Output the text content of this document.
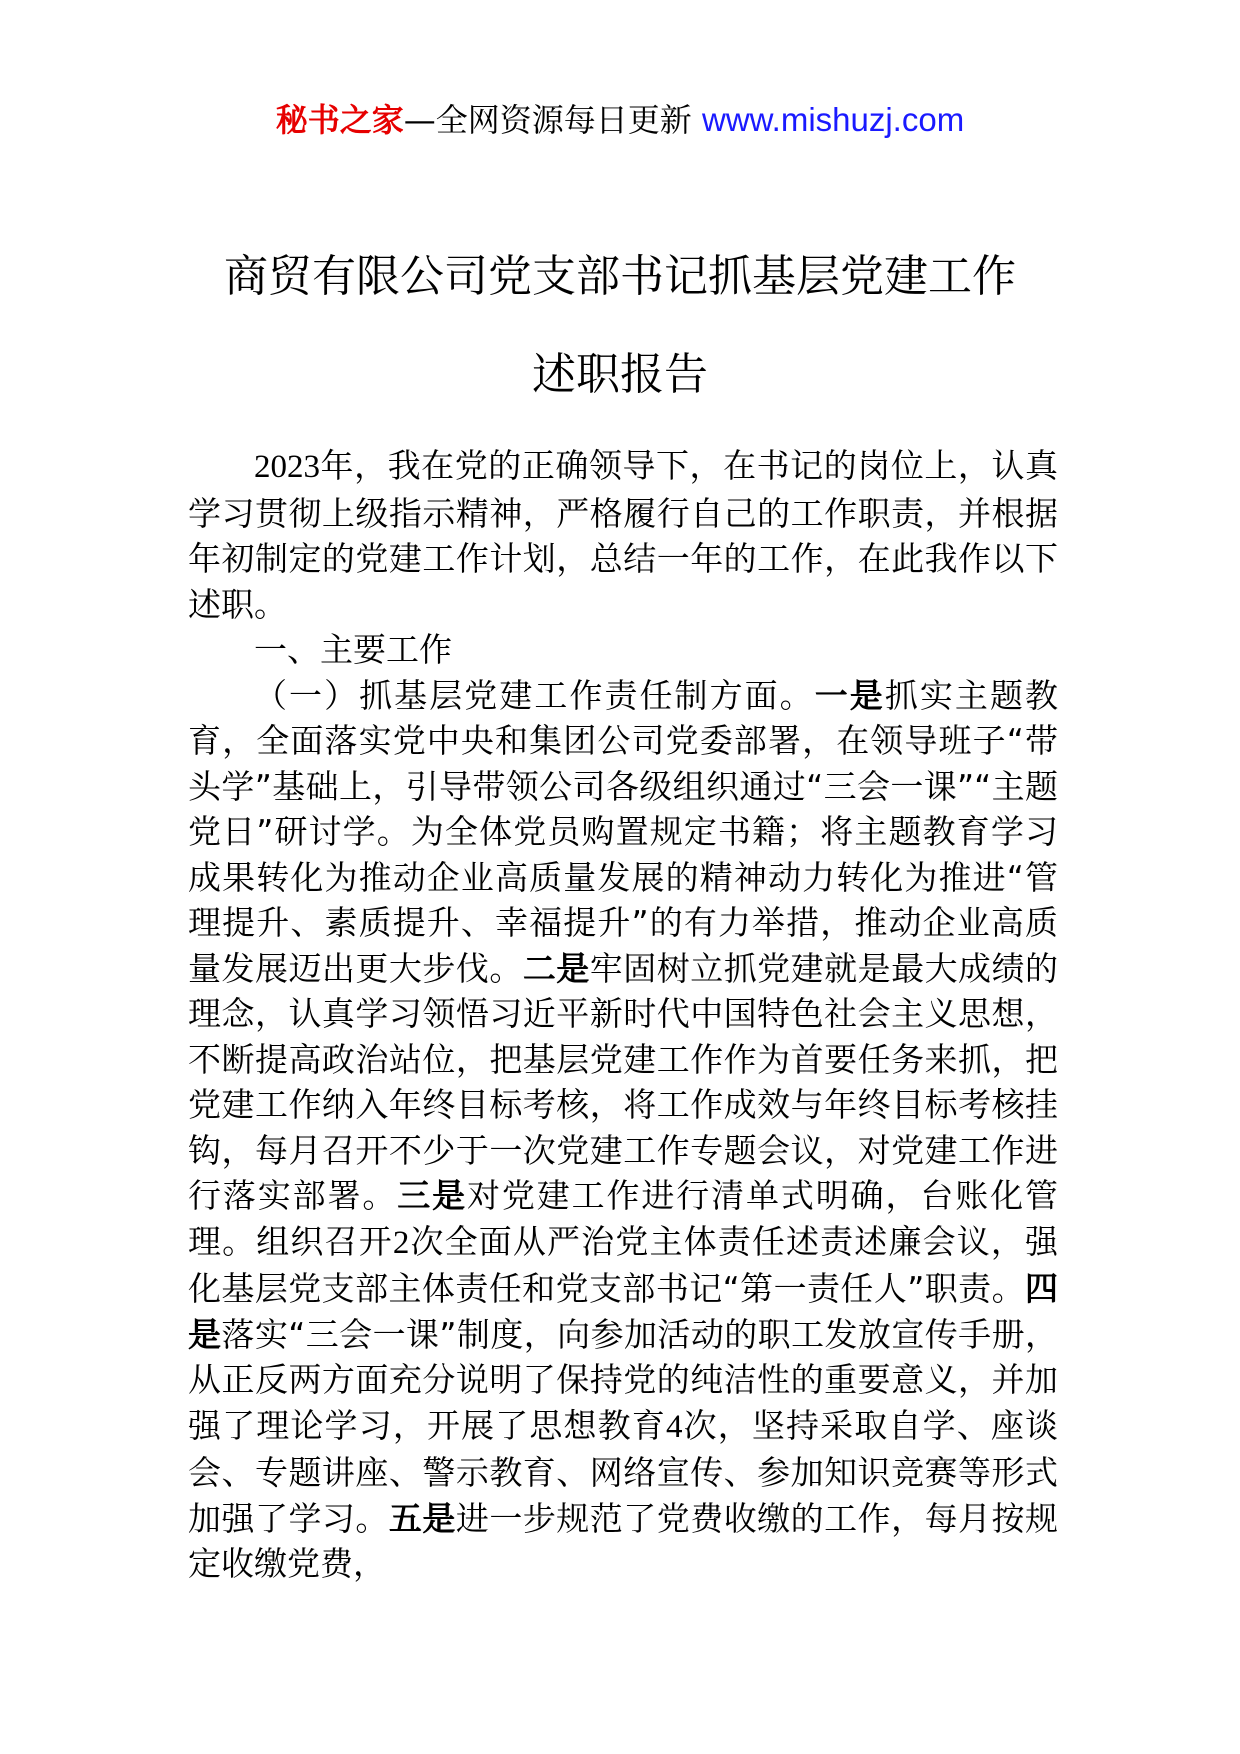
秘书之家—全网资源每日更新 www.mishuzj.com
商贸有限公司党支部书记抓基层党建工作
述职报告

2023年，我在党的正确领导下，在书记的岗位上，认真学习贯彻上级指示精神，严格履行自己的工作职责，并根据年初制定的党建工作计划，总结一年的工作，在此我作以下述职。

一、主要工作

（一）抓基层党建工作责任制方面。一是抓实主题教育，全面落实党中央和集团公司党委部署，在领导班子“带头学”基础上，引导带领公司各级组织通过“三会一课”“主题党日”研讨学。为全体党员购置规定书籍；将主题教育学习成果转化为推动企业高质量发展的精神动力转化为推进“管理提升、素质提升、幸福提升”的有力举措，推动企业高质量发展迈出更大步伐。二是牢固树立抓党建就是最大成绩的理念，认真学习领悟习近平新时代中国特色社会主义思想，不断提高政治站位，把基层党建工作作为首要任务来抓，把党建工作纳入年终目标考核，将工作成效与年终目标考核挂钩，每月召开不少于一次党建工作专题会议，对党建工作进行落实部署。三是对党建工作进行清单式明确，台账化管理。组织召开2次全面从严治党主体责任述责述廉会议，强化基层党支部主体责任和党支部书记“第一责任人”职责。四是落实“三会一课”制度，向参加活动的职工发放宣传手册，从正反两方面充分说明了保持党的纯洁性的重要意义，并加强了理论学习，开展了思想教育4次，坚持采取自学、座谈会、专题讲座、警示教育、网络宣传、参加知识竞赛等形式加强了学习。五是进一步规范了党费收缴的工作，每月按规定收缴党费，
